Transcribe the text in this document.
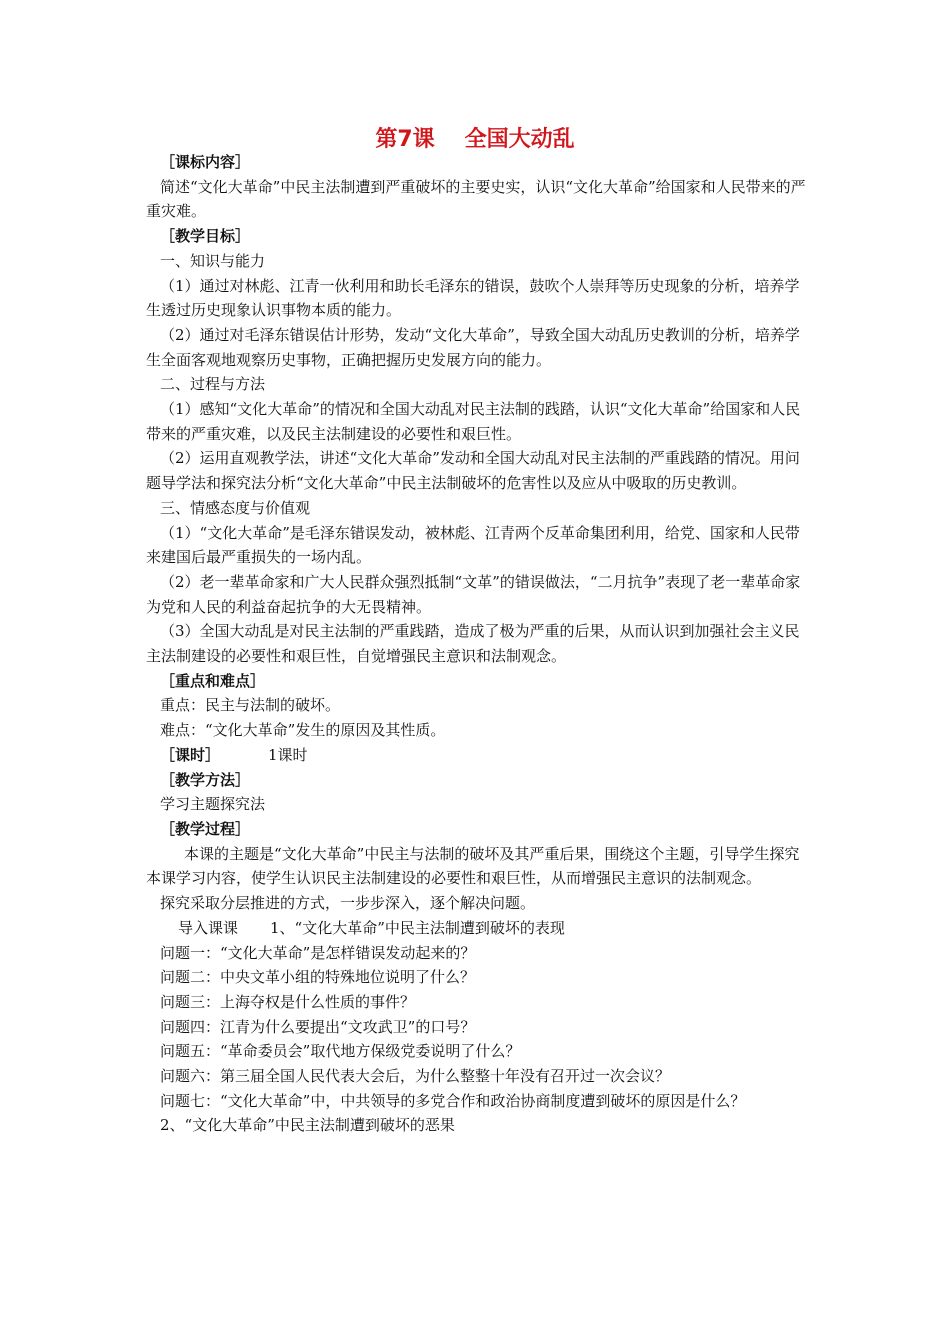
第7课 全国大动乱

［课标内容］

简述“文化大革命”中民主法制遭到严重破坏的主要史实，认识“文化大革命”给国家和人民带来的严重灾难。

［教学目标］

一、知识与能力

（1）通过对林彪、江青一伙利用和助长毛泽东的错误，鼓吹个人崇拜等历史现象的分析，培养学生透过历史现象认识事物本质的能力。

（2）通过对毛泽东错误估计形势，发动“文化大革命”，导致全国大动乱历史教训的分析，培养学生全面客观地观察历史事物，正确把握历史发展方向的能力。

二、过程与方法

（1）感知“文化大革命”的情况和全国大动乱对民主法制的践踏，认识“文化大革命”给国家和人民带来的严重灾难，以及民主法制建设的必要性和艰巨性。

（2）运用直观教学法，讲述“文化大革命”发动和全国大动乱对民主法制的严重践踏的情况。用问题导学法和探究法分析“文化大革命”中民主法制破坏的危害性以及应从中吸取的历史教训。

三、情感态度与价值观

（1）“文化大革命”是毛泽东错误发动，被林彪、江青两个反革命集团利用，给党、国家和人民带来建国后最严重损失的一场内乱。

（2）老一辈革命家和广大人民群众强烈抵制“文革”的错误做法，“二月抗争”表现了老一辈革命家为党和人民的利益奋起抗争的大无畏精神。

（3）全国大动乱是对民主法制的严重践踏，造成了极为严重的后果，从而认识到加强社会主义民主法制建设的必要性和艰巨性，自觉增强民主意识和法制观念。

［重点和难点］

重点：民主与法制的破坏。

难点：“文化大革命”发生的原因及其性质。

［课时］	1课时

［教学方法］

学习主题探究法

［教学过程］

本课的主题是“文化大革命”中民主与法制的破坏及其严重后果，围绕这个主题，引导学生探究本课学习内容，使学生认识民主法制建设的必要性和艰巨性，从而增强民主意识的法制观念。

探究采取分层推进的方式，一步步深入，逐个解决问题。

导入课课 1、“文化大革命”中民主法制遭到破坏的表现

问题一：“文化大革命”是怎样错误发动起来的？

问题二：中央文革小组的特殊地位说明了什么？

问题三：上海夺权是什么性质的事件？

问题四：江青为什么要提出“文攻武卫”的口号？

问题五：“革命委员会”取代地方保级党委说明了什么？

问题六：第三届全国人民代表大会后，为什么整整十年没有召开过一次会议？

问题七：“文化大革命”中，中共领导的多党合作和政治协商制度遭到破坏的原因是什么？

2、“文化大革命”中民主法制遭到破坏的恶果
